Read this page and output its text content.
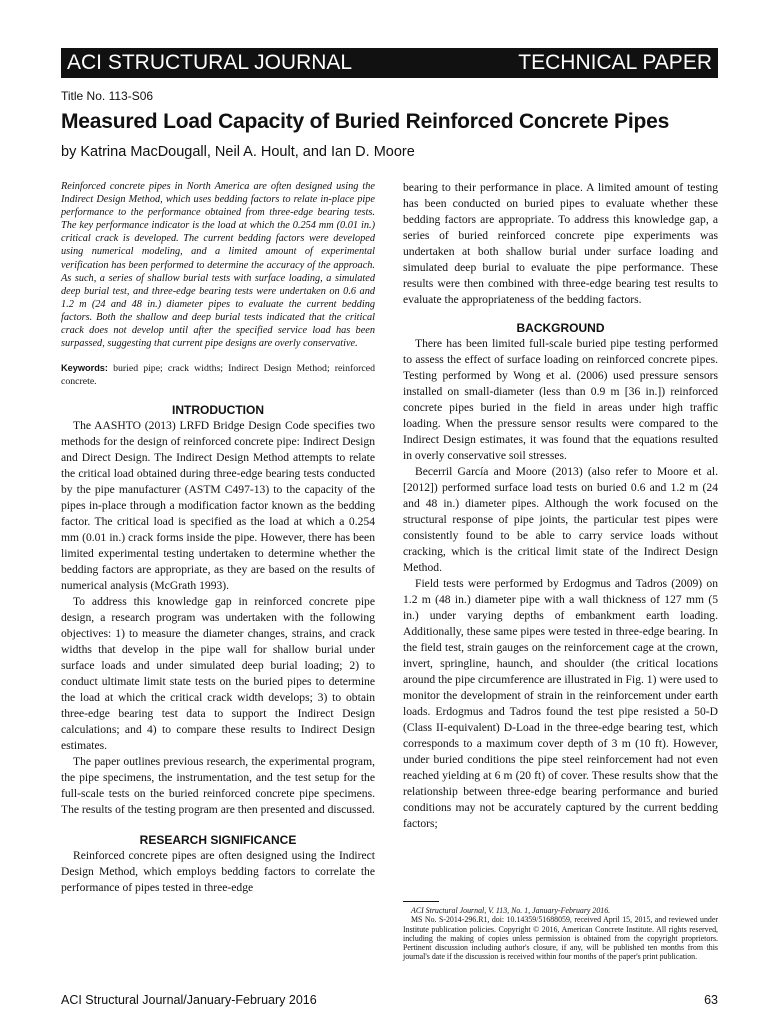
ACI STRUCTURAL JOURNAL	TECHNICAL PAPER
Title No. 113-S06
Measured Load Capacity of Buried Reinforced Concrete Pipes
by Katrina MacDougall, Neil A. Hoult, and Ian D. Moore

Reinforced concrete pipes in North America are often designed using the Indirect Design Method, which uses bedding factors to relate in-place pipe performance to the performance obtained from three-edge bearing tests. The key performance indicator is the load at which the 0.254 mm (0.01 in.) critical crack is developed. The current bedding factors were developed using numerical modeling, and a limited amount of experimental verification has been performed to determine the accuracy of the approach. As such, a series of shallow burial tests with surface loading, a simulated deep burial test, and three-edge bearing tests were undertaken on 0.6 and 1.2 m (24 and 48 in.) diameter pipes to evaluate the current bedding factors. Both the shallow and deep burial tests indicated that the critical crack does not develop until after the specified service load has been surpassed, suggesting that current pipe designs are overly conservative.

Keywords: buried pipe; crack widths; Indirect Design Method; reinforced concrete.

INTRODUCTION

The AASHTO (2013) LRFD Bridge Design Code specifies two methods for the design of reinforced concrete pipe: Indirect Design and Direct Design. The Indirect Design Method attempts to relate the critical load obtained during three-edge bearing tests conducted by the pipe manufacturer (ASTM C497-13) to the capacity of the pipes in-place through a modification factor known as the bedding factor. The critical load is specified as the load at which a 0.254 mm (0.01 in.) crack forms inside the pipe. However, there has been limited experimental testing undertaken to determine whether the bedding factors are appropriate, as they are based on the results of numerical analysis (McGrath 1993).

To address this knowledge gap in reinforced concrete pipe design, a research program was undertaken with the following objectives: 1) to measure the diameter changes, strains, and crack widths that develop in the pipe wall for shallow burial under surface loads and under simulated deep burial loading; 2) to conduct ultimate limit state tests on the buried pipes to determine the load at which the critical crack width develops; 3) to obtain three-edge bearing test data to support the Indirect Design calculations; and 4) to compare these results to Indirect Design estimates.

The paper outlines previous research, the experimental program, the pipe specimens, the instrumentation, and the test setup for the full-scale tests on the buried reinforced concrete pipe specimens. The results of the testing program are then presented and discussed.

RESEARCH SIGNIFICANCE

Reinforced concrete pipes are often designed using the Indirect Design Method, which employs bedding factors to correlate the performance of pipes tested in three-edge

bearing to their performance in place. A limited amount of testing has been conducted on buried pipes to evaluate whether these bedding factors are appropriate. To address this knowledge gap, a series of buried reinforced concrete pipe experiments was undertaken at both shallow burial under surface loading and simulated deep burial to evaluate the pipe performance. These results were then combined with three-edge bearing test results to evaluate the appropriateness of the bedding factors.

BACKGROUND

There has been limited full-scale buried pipe testing performed to assess the effect of surface loading on reinforced concrete pipes. Testing performed by Wong et al. (2006) used pressure sensors installed on small-diameter (less than 0.9 m [36 in.]) reinforced concrete pipes buried in the field in areas under high traffic loading. When the pressure sensor results were compared to the Indirect Design estimates, it was found that the equations resulted in overly conservative soil stresses.

Becerril García and Moore (2013) (also refer to Moore et al. [2012]) performed surface load tests on buried 0.6 and 1.2 m (24 and 48 in.) diameter pipes. Although the work focused on the structural response of pipe joints, the particular test pipes were consistently found to be able to carry service loads without cracking, which is the critical limit state of the Indirect Design Method.

Field tests were performed by Erdogmus and Tadros (2009) on 1.2 m (48 in.) diameter pipe with a wall thickness of 127 mm (5 in.) under varying depths of embankment earth loading. Additionally, these same pipes were tested in three-edge bearing. In the field test, strain gauges on the reinforcement cage at the crown, invert, springline, haunch, and shoulder (the critical locations around the pipe circumference are illustrated in Fig. 1) were used to monitor the development of strain in the reinforcement under earth loads. Erdogmus and Tadros found the test pipe resisted a 50-D (Class II-equivalent) D-Load in the three-edge bearing test, which corresponds to a maximum cover depth of 3 m (10 ft). However, under buried conditions the pipe steel reinforcement had not even reached yielding at 6 m (20 ft) of cover. These results show that the relationship between three-edge bearing performance and buried conditions may not be accurately captured by the current bedding factors;

ACI Structural Journal, V. 113, No. 1, January-February 2016.

MS No. S-2014-296.R1, doi: 10.14359/51688059, received April 15, 2015, and reviewed under Institute publication policies. Copyright © 2016, American Concrete Institute. All rights reserved, including the making of copies unless permission is obtained from the copyright proprietors. Pertinent discussion including author's closure, if any, will be published ten months from this journal's date if the discussion is received within four months of the paper's print publication.

ACI Structural Journal/January-February 2016	63
